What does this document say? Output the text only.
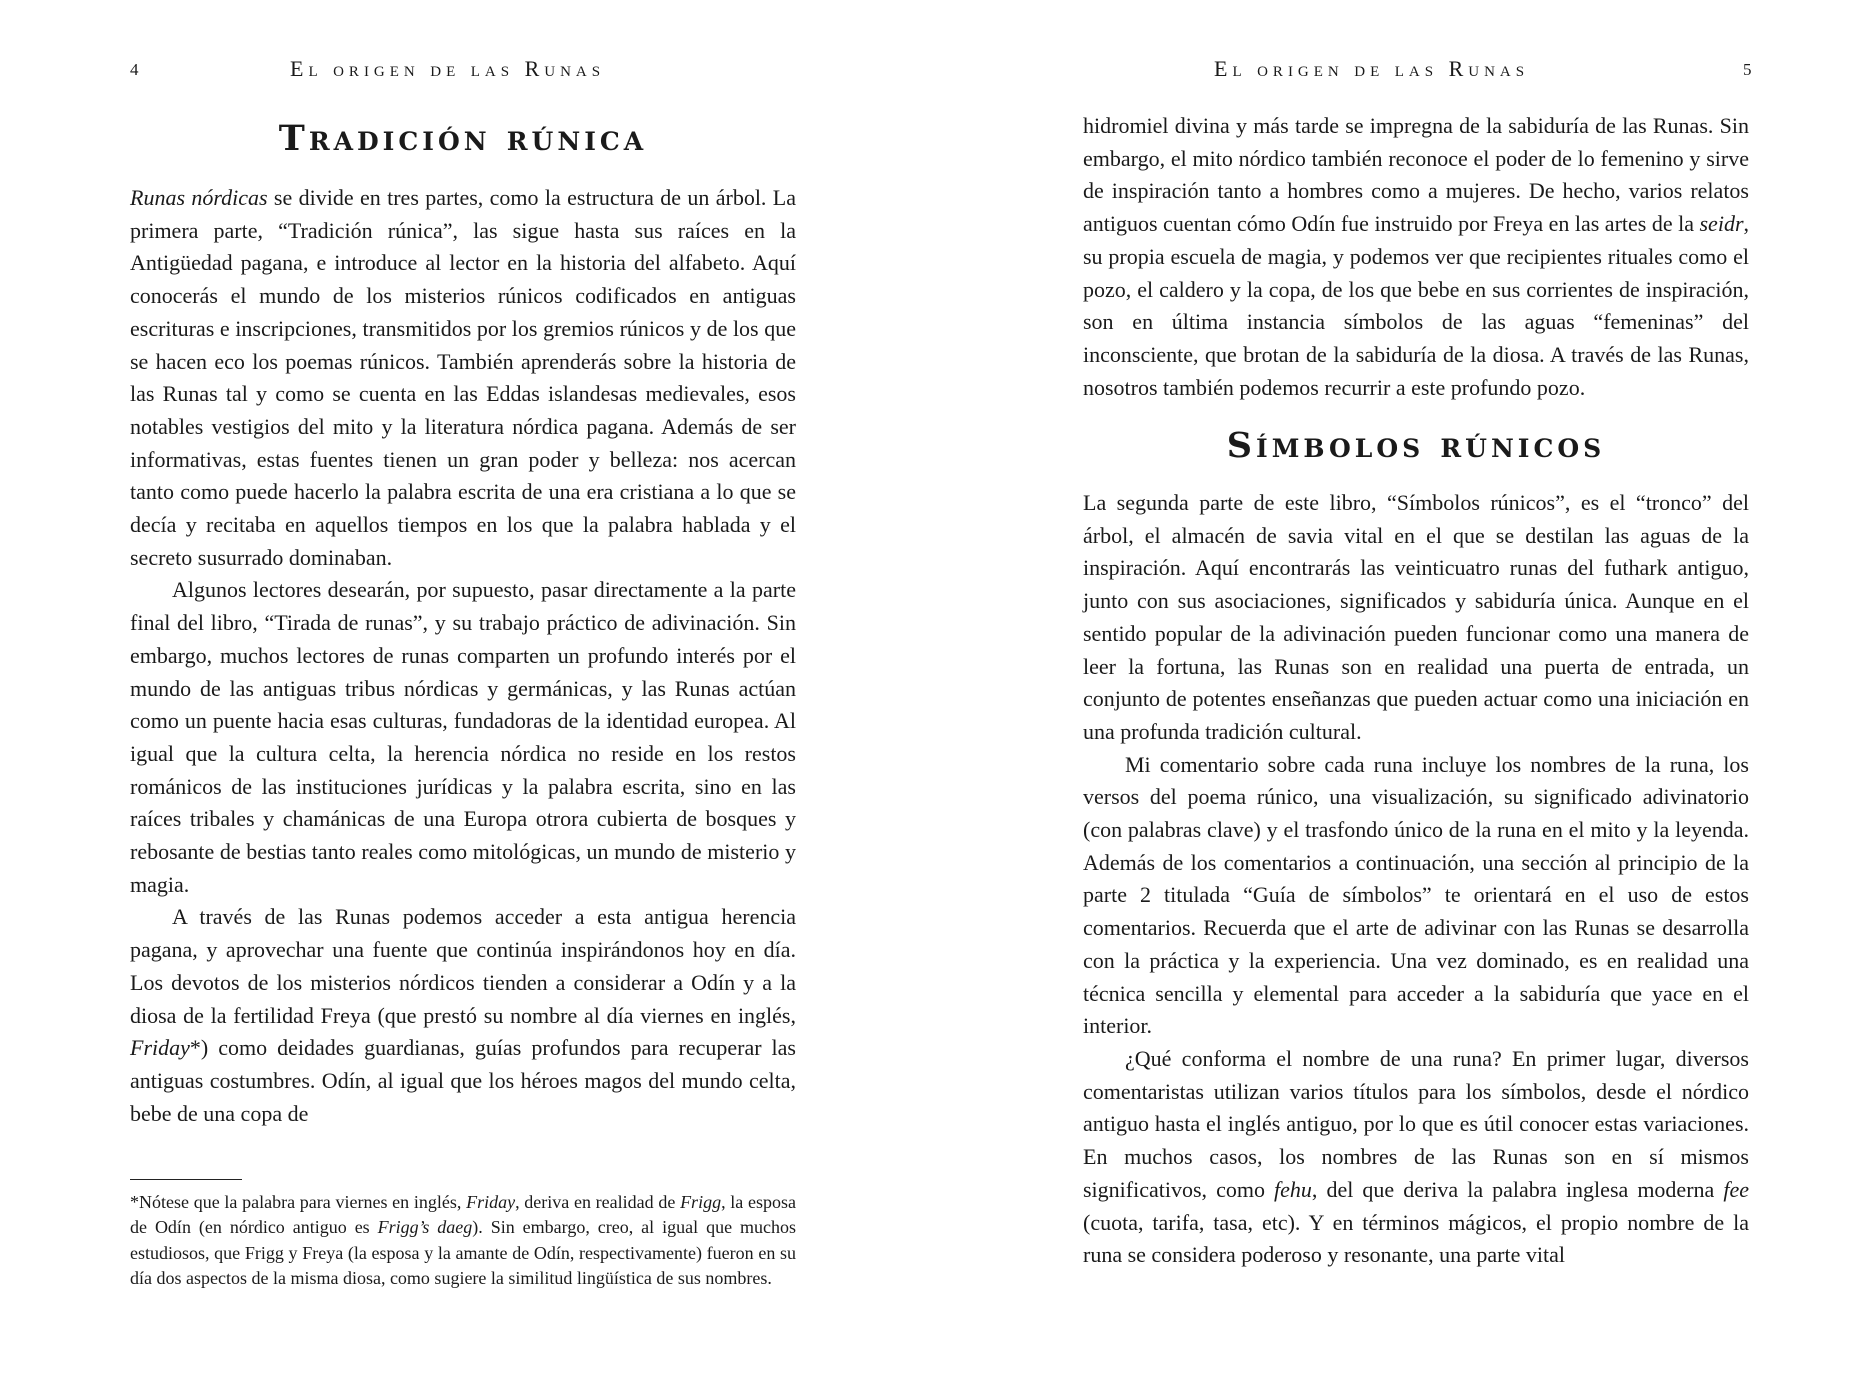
4	El origen de las Runas
Tradición rúnica

Runas nórdicas se divide en tres partes, como la estructura de un árbol. La primera parte, “Tradición rúnica”, las sigue hasta sus raíces en la Antigüedad pagana, e introduce al lector en la historia del alfabeto. Aquí conocerás el mundo de los misterios rúnicos codificados en antiguas escrituras e inscripciones, transmitidos por los gremios rúnicos y de los que se hacen eco los poemas rúnicos. También aprenderás sobre la historia de las Runas tal y como se cuenta en las Eddas islandesas medievales, esos notables vestigios del mito y la literatura nórdica pagana. Además de ser informativas, estas fuentes tienen un gran poder y belleza: nos acercan tanto como puede hacerlo la palabra escrita de una era cristiana a lo que se decía y recitaba en aquellos tiempos en los que la palabra hablada y el secreto susurrado dominaban.

Algunos lectores desearán, por supuesto, pasar directamente a la parte final del libro, “Tirada de runas”, y su trabajo práctico de adivinación. Sin embargo, muchos lectores de runas comparten un profundo interés por el mundo de las antiguas tribus nórdicas y germánicas, y las Runas actúan como un puente hacia esas culturas, fundadoras de la identidad europea. Al igual que la cultura celta, la herencia nórdica no reside en los restos románicos de las instituciones jurídicas y la palabra escrita, sino en las raíces tribales y chamánicas de una Europa otrora cubierta de bosques y rebosante de bestias tanto reales como mitológicas, un mundo de misterio y magia.

A través de las Runas podemos acceder a esta antigua herencia pagana, y aprovechar una fuente que continúa inspirándonos hoy en día. Los devotos de los misterios nórdicos tienden a considerar a Odín y a la diosa de la fertilidad Freya (que prestó su nombre al día viernes en inglés, Friday*) como deidades guardianas, guías profundos para recuperar las antiguas costumbres. Odín, al igual que los héroes magos del mundo celta, bebe de una copa de

*Nótese que la palabra para viernes en inglés, Friday, deriva en realidad de Frigg, la esposa de Odín (en nórdico antiguo es Frigg’s daeg). Sin embargo, creo, al igual que muchos estudiosos, que Frigg y Freya (la esposa y la amante de Odín, respectivamente) fueron en su día dos aspectos de la misma diosa, como sugiere la similitud lingüística de sus nombres.

El origen de las Runas	5

hidromiel divina y más tarde se impregna de la sabiduría de las Runas. Sin embargo, el mito nórdico también reconoce el poder de lo femenino y sirve de inspiración tanto a hombres como a mujeres. De hecho, varios relatos antiguos cuentan cómo Odín fue instruido por Freya en las artes de la seidr, su propia escuela de magia, y podemos ver que recipientes rituales como el pozo, el caldero y la copa, de los que bebe en sus corrientes de inspiración, son en última instancia símbolos de las aguas “femeninas” del inconsciente, que brotan de la sabiduría de la diosa. A través de las Runas, nosotros también podemos recurrir a este profundo pozo.

Símbolos rúnicos

La segunda parte de este libro, “Símbolos rúnicos”, es el “tronco” del árbol, el almacén de savia vital en el que se destilan las aguas de la inspiración. Aquí encontrarás las veinticuatro runas del futhark antiguo, junto con sus asociaciones, significados y sabiduría única. Aunque en el sentido popular de la adivinación pueden funcionar como una manera de leer la fortuna, las Runas son en realidad una puerta de entrada, un conjunto de potentes enseñanzas que pueden actuar como una iniciación en una profunda tradición cultural.

Mi comentario sobre cada runa incluye los nombres de la runa, los versos del poema rúnico, una visualización, su significado adivinatorio (con palabras clave) y el trasfondo único de la runa en el mito y la leyenda. Además de los comentarios a continuación, una sección al principio de la parte 2 titulada “Guía de símbolos” te orientará en el uso de estos comentarios. Recuerda que el arte de adivinar con las Runas se desarrolla con la práctica y la experiencia. Una vez dominado, es en realidad una técnica sencilla y elemental para acceder a la sabiduría que yace en el interior.

¿Qué conforma el nombre de una runa? En primer lugar, diversos comentaristas utilizan varios títulos para los símbolos, desde el nórdico antiguo hasta el inglés antiguo, por lo que es útil conocer estas variaciones. En muchos casos, los nombres de las Runas son en sí mismos significativos, como fehu, del que deriva la palabra inglesa moderna fee (cuota, tarifa, tasa, etc). Y en términos mágicos, el propio nombre de la runa se considera poderoso y resonante, una parte vital
